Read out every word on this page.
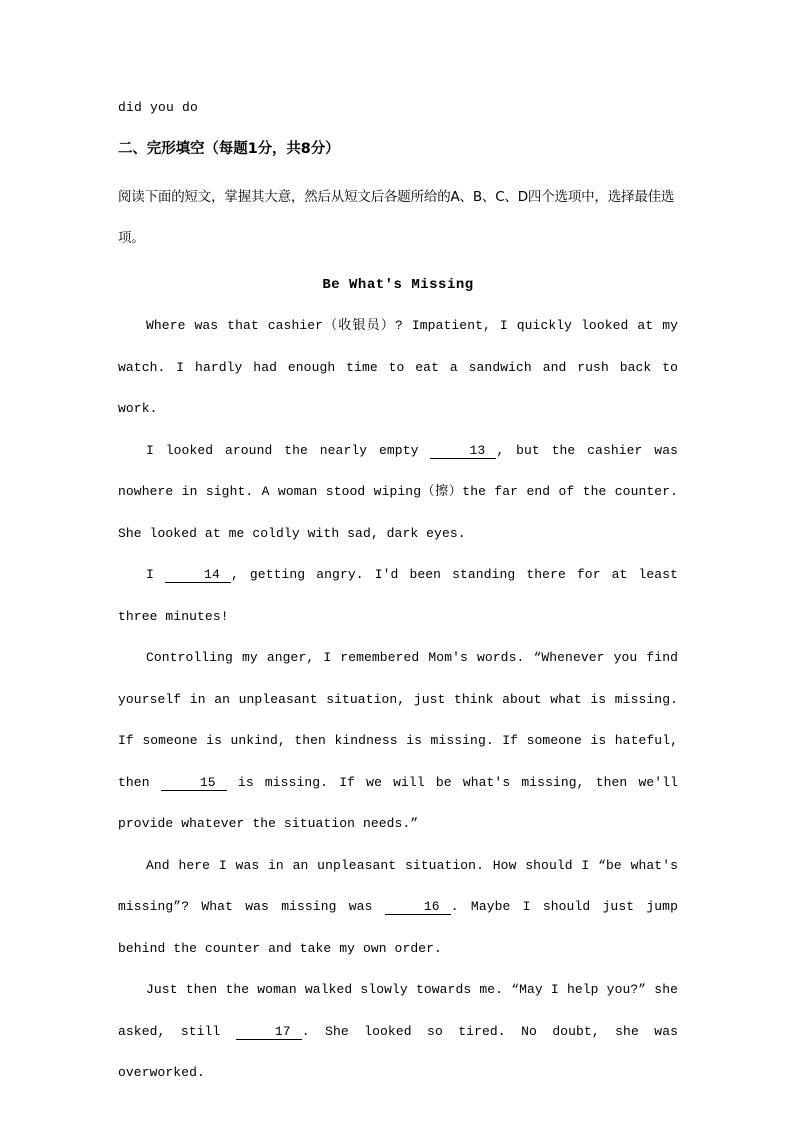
did you do
二、完形填空（每题1分，共8分）
阅读下面的短文，掌握其大意，然后从短文后各题所给的A、B、C、D四个选项中，选择最佳选项。
Be What's Missing
Where was that cashier（收银员）? Impatient, I quickly looked at my watch. I hardly had enough time to eat a sandwich and rush back to work.
I looked around the nearly empty	13 , but the cashier was nowhere in sight. A woman stood wiping（擦）the far end of the counter. She looked at me coldly with sad, dark eyes.
I	14 , getting angry. I'd been standing there for at least three minutes!
Controlling my anger, I remembered Mom's words. “Whenever you find yourself in an unpleasant situation, just think about what is missing. If someone is unkind, then kindness is missing. If someone is hateful, then	15 is missing. If we will be what's missing, then we'll provide whatever the situation needs.”
And here I was in an unpleasant situation. How should I “be what's missing”? What was missing was	16 . Maybe I should just jump behind the counter and take my own order.
Just then the woman walked slowly towards me. “May I help you?” she asked, still	17 . She looked so tired. No doubt, she was overworked.
